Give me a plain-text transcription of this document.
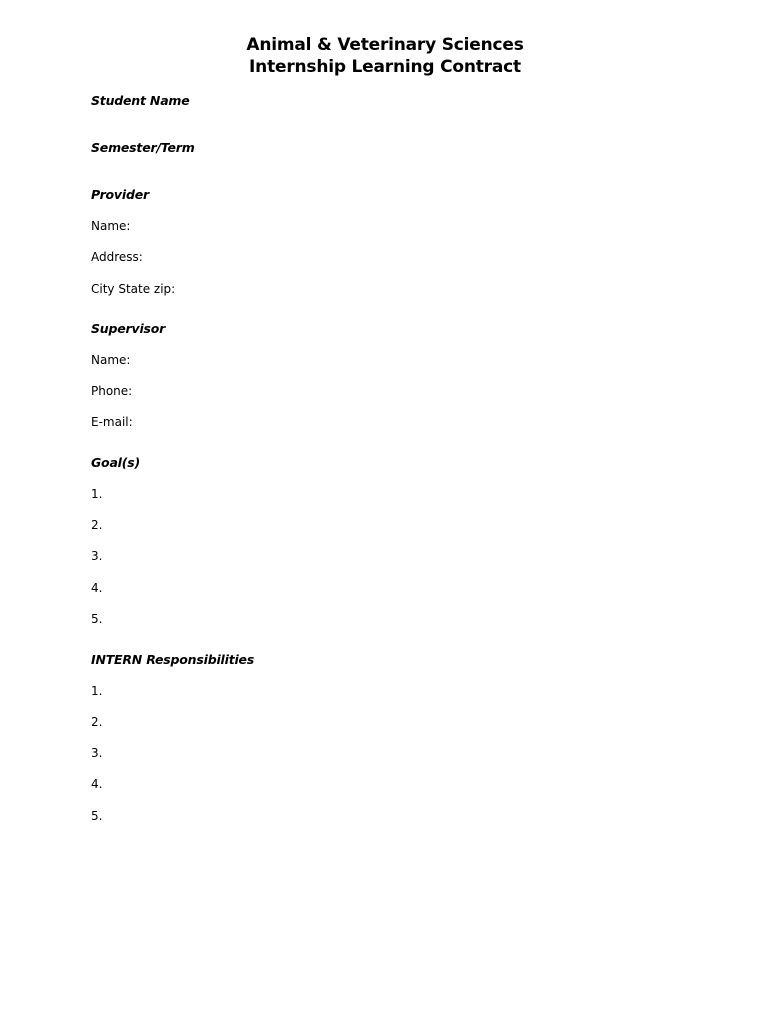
Animal & Veterinary Sciences
Internship Learning Contract
Student Name
Semester/Term
Provider
Name:
Address:
City State zip:
Supervisor
Name:
Phone:
E-mail:
Goal(s)
1.
2.
3.
4.
5.
INTERN Responsibilities
1.
2.
3.
4.
5.
